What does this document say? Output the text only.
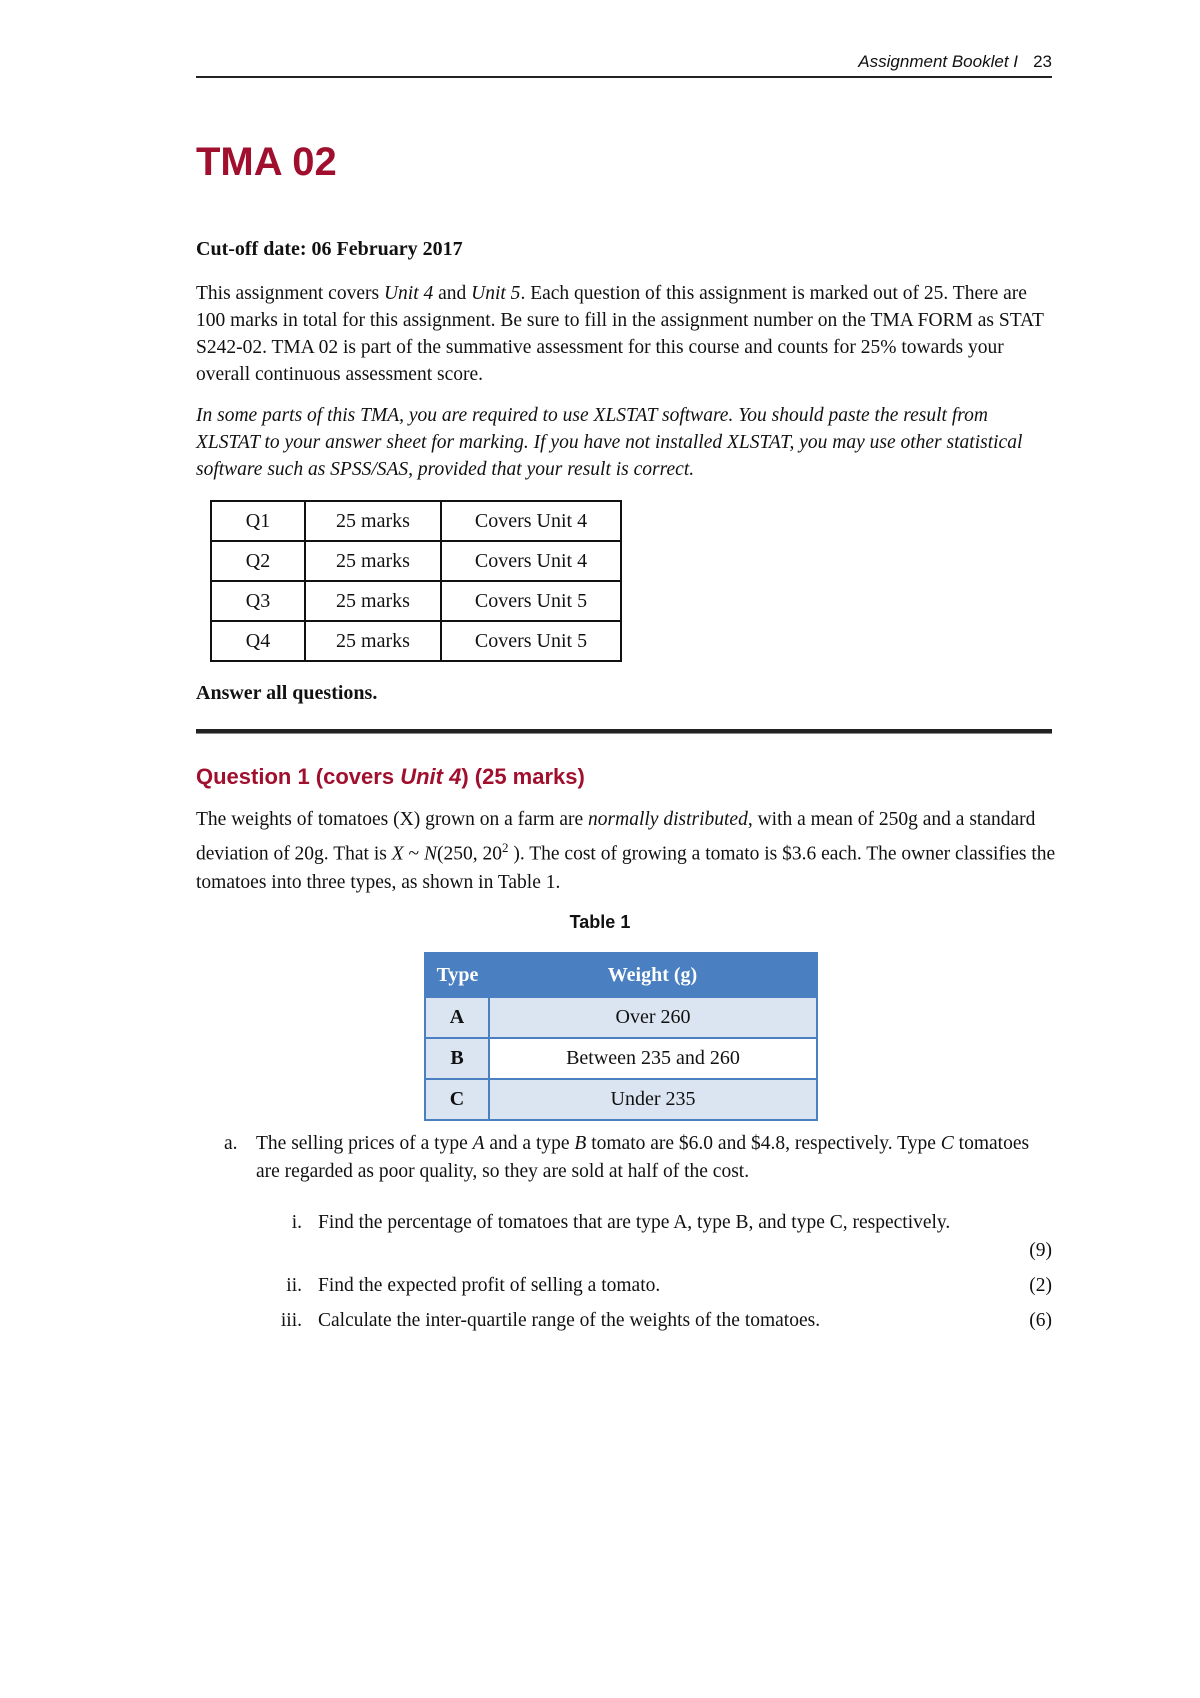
Assignment Booklet I 23
TMA 02
Cut-off date: 06 February 2017

This assignment covers Unit 4 and Unit 5. Each question of this assignment is marked out of 25. There are 100 marks in total for this assignment. Be sure to fill in the assignment number on the TMA FORM as STAT S242-02. TMA 02 is part of the summative assessment for this course and counts for 25% towards your overall continuous assessment score.

In some parts of this TMA, you are required to use XLSTAT software. You should paste the result from XLSTAT to your answer sheet for marking. If you have not installed XLSTAT, you may use other statistical software such as SPSS/SAS, provided that your result is correct.

Q1	25 marks	Covers Unit 4
Q2	25 marks	Covers Unit 4
Q3	25 marks	Covers Unit 5
Q4	25 marks	Covers Unit 5
Answer all questions.
Question 1 (covers Unit 4) (25 marks)

The weights of tomatoes (X) grown on a farm are normally distributed, with a mean of 250g and a standard deviation of 20g. That is X ~ N(250, $20^2$ ). The cost of growing a tomato is $3.6 each. The owner classifies the tomatoes into three types, as shown in Table 1.

Table 1
Type	Weight (g)
A	Over 260
B	Between 235 and 260
C	Under 235
a. The selling prices of a type A and a type B tomato are $6.0 and $4.8, respectively. Type C tomatoes are regarded as poor quality, so they are sold at half of the cost.
i. Find the percentage of tomatoes that are type A, type B, and type C, respectively.
(9)
ii. Find the expected profit of selling a tomato.	(2)
iii. Calculate the inter-quartile range of the weights of the tomatoes.	(6)
